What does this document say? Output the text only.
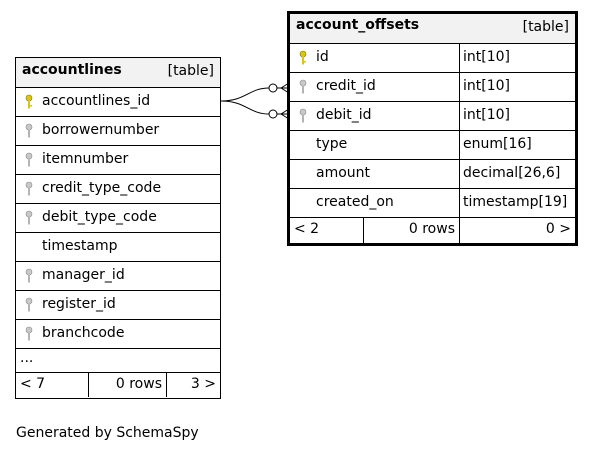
accountlines	[table]
accountlines_id
borrowernumber
itemnumber
credit_type_code
debit_type_code
timestamp
manager_id
register_id
branchcode
...
< 7	0 rows 3 >
account_offsets	[table]
id	int[10]
credit_id	int[10]
debit_id	int[10]
type	enum[16]
amount	decimal[26,6]
created_on	timestamp[19]
< 2	0 rows	0 >
Generated by SchemaSpy
